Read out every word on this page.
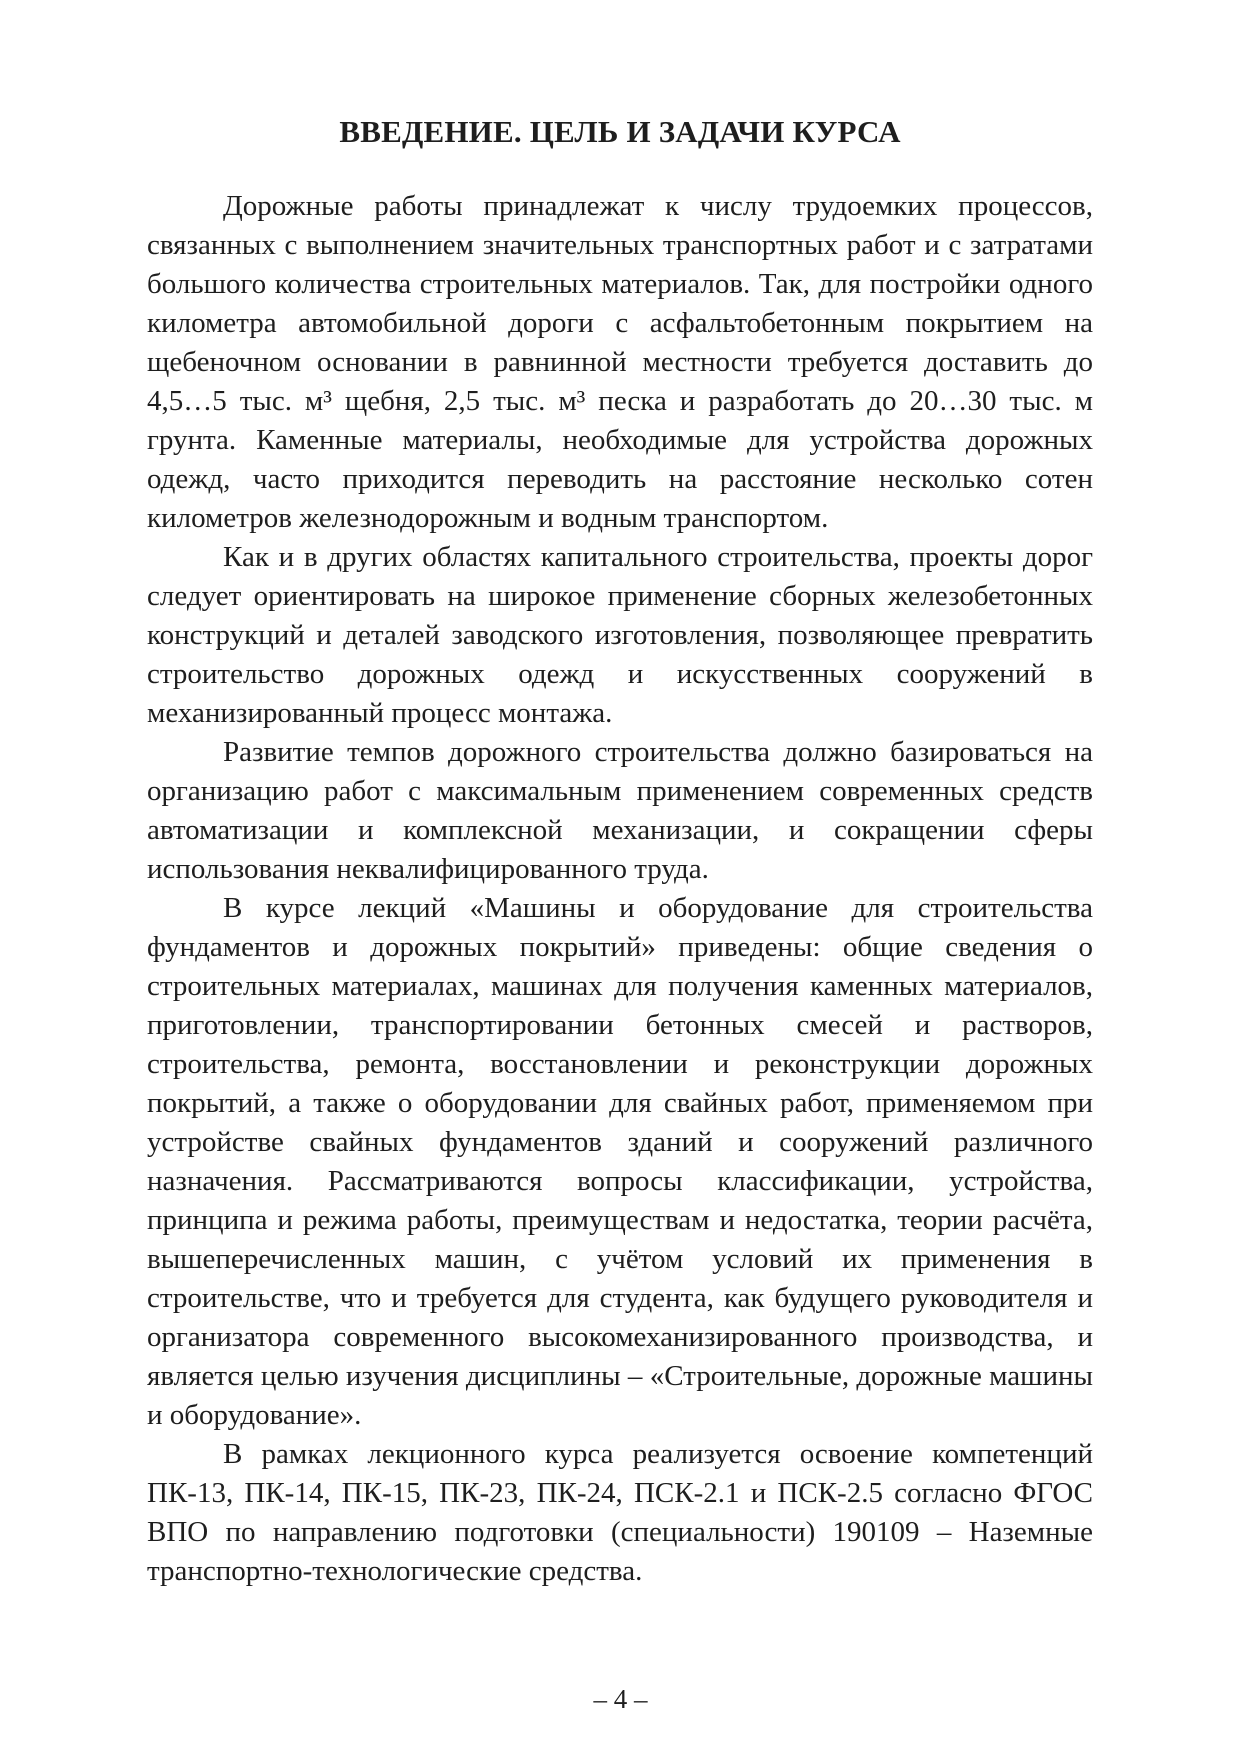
ВВЕДЕНИЕ. ЦЕЛЬ И ЗАДАЧИ КУРСА

Дорожные работы принадлежат к числу трудоемких процессов, связанных с выполнением значительных транспортных работ и с затратами большого количества строительных материалов. Так, для постройки одного километра автомобильной дороги с асфальтобетонным покрытием на щебеночном основании в равнинной местности требуется доставить до 4,5…5 тыс. м³ щебня, 2,5 тыс. м³ песка и разработать до 20…30 тыс. м грунта. Каменные материалы, необходимые для устройства дорожных одежд, часто приходится переводить на расстояние несколько сотен километров железнодорожным и водным транспортом.

Как и в других областях капитального строительства, проекты дорог следует ориентировать на широкое применение сборных железобетонных конструкций и деталей заводского изготовления, позволяющее превратить строительство дорожных одежд и искусственных сооружений в механизированный процесс монтажа.

Развитие темпов дорожного строительства должно базироваться на организацию работ с максимальным применением современных средств автоматизации и комплексной механизации, и сокращении сферы использования неквалифицированного труда.

В курсе лекций «Машины и оборудование для строительства фундаментов и дорожных покрытий» приведены: общие сведения о строительных материалах, машинах для получения каменных материалов, приготовлении, транспортировании бетонных смесей и растворов, строительства, ремонта, восстановлении и реконструкции дорожных покрытий, а также о оборудовании для свайных работ, применяемом при устройстве свайных фундаментов зданий и сооружений различного назначения. Рассматриваются вопросы классификации, устройства, принципа и режима работы, преимуществам и недостатка, теории расчёта, вышеперечисленных машин, с учётом условий их применения в строительстве, что и требуется для студента, как будущего руководителя и организатора современного высокомеханизированного производства, и является целью изучения дисциплины – «Строительные, дорожные машины и оборудование».

В рамках лекционного курса реализуется освоение компетенций ПК-13, ПК-14, ПК-15, ПК-23, ПК-24, ПСК-2.1 и ПСК-2.5 согласно ФГОС ВПО по направлению подготовки (специальности) 190109 – Наземные транспортно-технологические средства.

– 4 –
